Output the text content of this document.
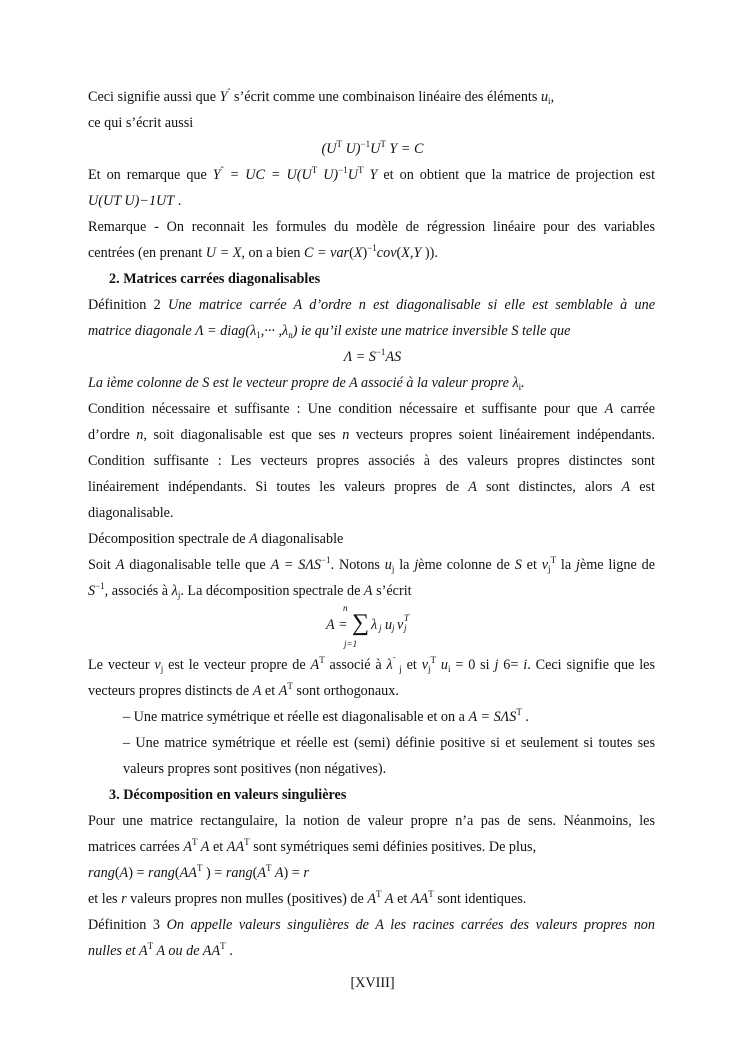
Ceci signifie aussi que $Y^ˆ$ s’écrit comme une combinaison linéaire des éléments $u_i$,
ce qui s’écrit aussi
($U^T$ $U)^{-1}U^T$ Y = C
Et on remarque que $Y^ˆ$ = UC = $U(U^T$ $U)^{-1}U^T$ Y et on obtient que la matrice de projection est
U(UT U)−1UT .
Remarque - On reconnait les formules du modèle de régression linéaire pour des variables
centrées (en prenant U = X, on a bien $C = var(X)^{-1}cov(X,Y$ )).
2. Matrices carrées diagonalisables
Définition 2 Une matrice carrée A d’ordre n est diagonalisable si elle est semblable à une
matrice diagonale $\Lambda = diag(\lambda_1,\cdot\cdot\cdot ,\lambda_n)$ ie qu’il existe une matrice inversible S telle que
$\Lambda = S^{-1}AS$
La ième colonne de S est le vecteur propre de A associé à la valeur propre $\lambda_i$.
Condition nécessaire et suffisante : Une condition nécessaire et suffisante pour que A carrée
d’ordre n, soit diagonalisable est que ses n vecteurs propres soient linéairement indépendants.
Condition suffisante : Les vecteurs propres associés à des valeurs propres distinctes sont
linéairement indépendants. Si toutes les valeurs propres de A sont distinctes, alors A est
diagonalisable.
Décomposition spectrale de A diagonalisable
Soit A diagonalisable telle que $A = S\Lambda S^{-1}$. Notons $u_j$ la jème colonne de S et $v_j^T$ la jème ligne de
$S^{-1}$, associés à $\lambda_j$. La décomposition spectrale de A s’écrit
n
A = ∑ λ j u j v T
j
j=1
Le vecteur $v_j$ est le vecteur propre de $A^T$ associé à $\lambda^ˉ$ $_j$ et $v_j^T$ $u_i = 0$ si j 6= i. Ceci signifie que les
vecteurs propres distincts de A et $A^T$ sont orthogonaux.
– Une matrice symétrique et réelle est diagonalisable et on a $A = S\Lambda S^T$ .
– Une matrice symétrique et réelle est (semi) définie positive si et seulement si toutes ses
valeurs propres sont positives (non négatives).
3. Décomposition en valeurs singulières
Pour une matrice rectangulaire, la notion de valeur propre n’a pas de sens. Néanmoins, les
matrices carrées $A^T$ A et $AA^T$ sont symétriques semi définies positives. De plus,
rang(A) = $rang(AA^T$ ) = $rang(A^T$ A) = r
et les r valeurs propres non mulles (positives) de $A^T$ A et $AA^T$ sont identiques.
Définition 3 On appelle valeurs singulières de A les racines carrées des valeurs propres non
nulles et $A^T$ A ou de $AA^T$ .
[XVIII]
